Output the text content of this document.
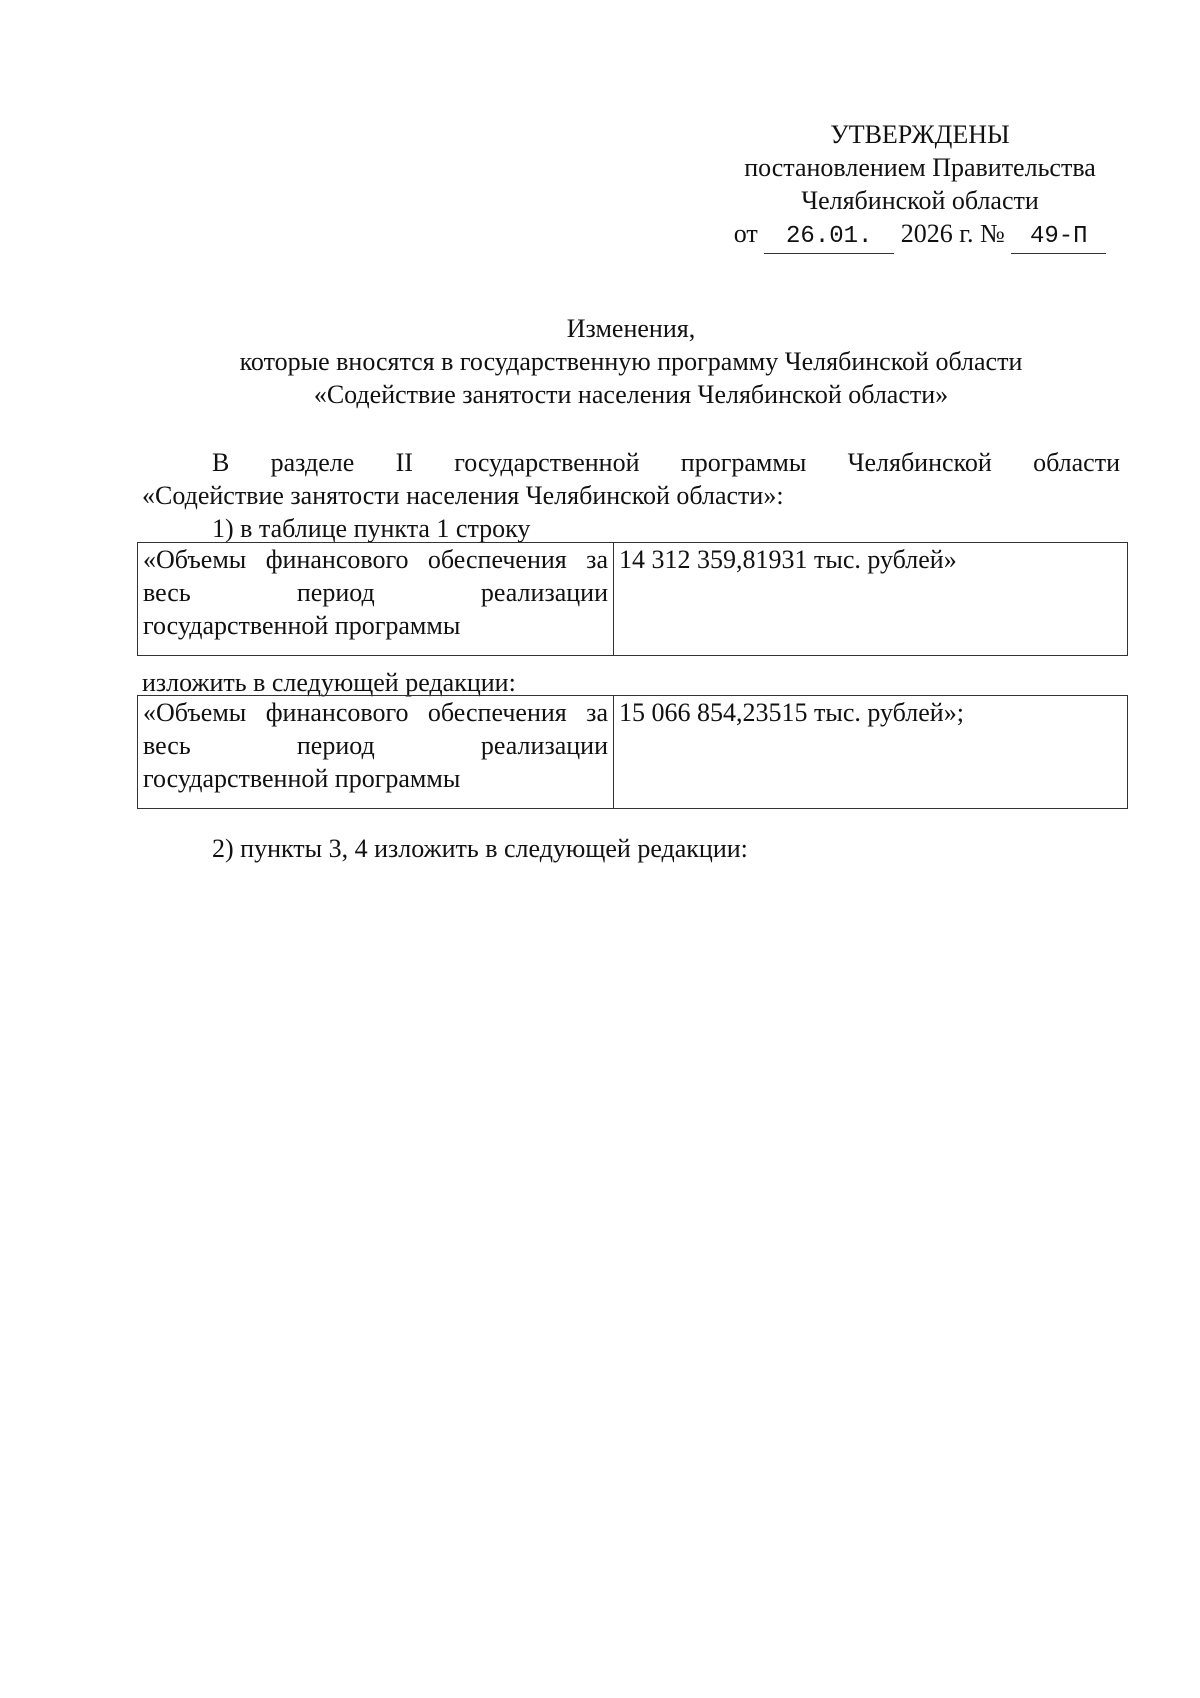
УТВЕРЖДЕНЫ
постановлением Правительства
Челябинской области
от 26.01. 2026 г. № 49-П
Изменения,
которые вносятся в государственную программу Челябинской области
«Содействие занятости населения Челябинской области»
В разделе II государственной программы Челябинской области
«Содействие занятости населения Челябинской области»:
1) в таблице пункта 1 строку
«Объемы финансового обеспечения за
весь период реализации
государственной программы
	14 312 359,81931 тыс. рублей»
изложить в следующей редакции:
«Объемы финансового обеспечения за
весь период реализации
государственной программы
	15 066 854,23515 тыс. рублей»;
2) пункты 3, 4 изложить в следующей редакции:
